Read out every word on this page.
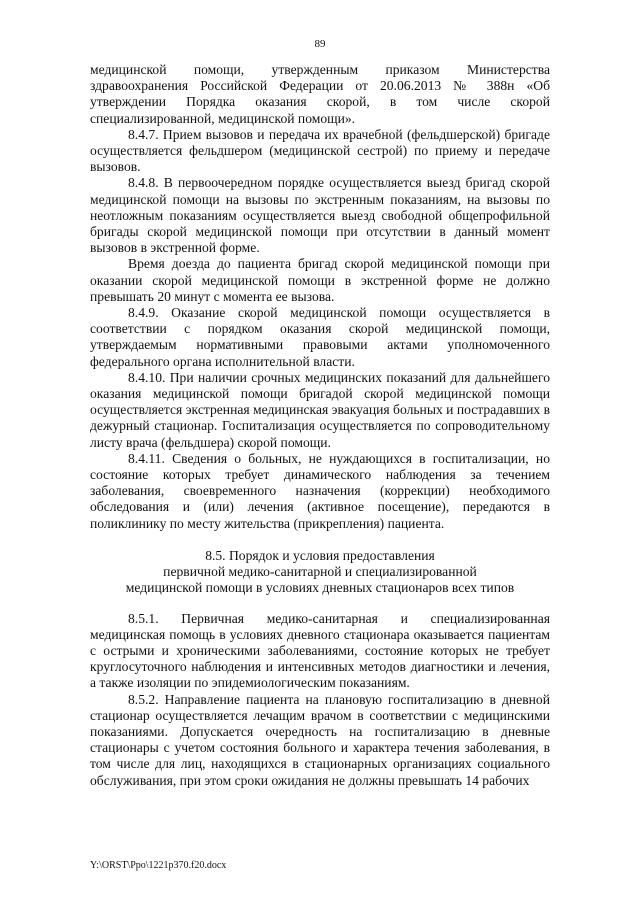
89

медицинской помощи, утвержденным приказом Министерства здравоохранения Российской Федерации от 20.06.2013 № 388н «Об утверждении Порядка оказания скорой, в том числе скорой специализированной, медицинской помощи».

8.4.7. Прием вызовов и передача их врачебной (фельдшерской) бригаде осуществляется фельдшером (медицинской сестрой) по приему и передаче вызовов.

8.4.8. В первоочередном порядке осуществляется выезд бригад скорой медицинской помощи на вызовы по экстренным показаниям, на вызовы по неотложным показаниям осуществляется выезд свободной общепрофильной бригады скорой медицинской помощи при отсутствии в данный момент вызовов в экстренной форме.

Время доезда до пациента бригад скорой медицинской помощи при оказании скорой медицинской помощи в экстренной форме не должно превышать 20 минут с момента ее вызова.

8.4.9. Оказание скорой медицинской помощи осуществляется в соответствии с порядком оказания скорой медицинской помощи, утверждаемым нормативными правовыми актами уполномоченного федерального органа исполнительной власти.

8.4.10. При наличии срочных медицинских показаний для дальнейшего оказания медицинской помощи бригадой скорой медицинской помощи осуществляется экстренная медицинская эвакуация больных и пострадавших в дежурный стационар. Госпитализация осуществляется по сопроводительному листу врача (фельдшера) скорой помощи.

8.4.11. Сведения о больных, не нуждающихся в госпитализации, но состояние которых требует динамического наблюдения за течением заболевания, своевременного назначения (коррекции) необходимого обследования и (или) лечения (активное посещение), передаются в поликлинику по месту жительства (прикрепления) пациента.

8.5. Порядок и условия предоставления
первичной медико-санитарной и специализированной
медицинской помощи в условиях дневных стационаров всех типов

8.5.1. Первичная медико-санитарная и специализированная медицинская помощь в условиях дневного стационара оказывается пациентам с острыми и хроническими заболеваниями, состояние которых не требует круглосуточного наблюдения и интенсивных методов диагностики и лечения, а также изоляции по эпидемиологическим показаниям.

8.5.2. Направление пациента на плановую госпитализацию в дневной стационар осуществляется лечащим врачом в соответствии с медицинскими показаниями. Допускается очередность на госпитализацию в дневные стационары с учетом состояния больного и характера течения заболевания, в том числе для лиц, находящихся в стационарных организациях социального обслуживания, при этом сроки ожидания не должны превышать 14 рабочих

Y:\ORST\Ppo\1221p370.f20.docx
